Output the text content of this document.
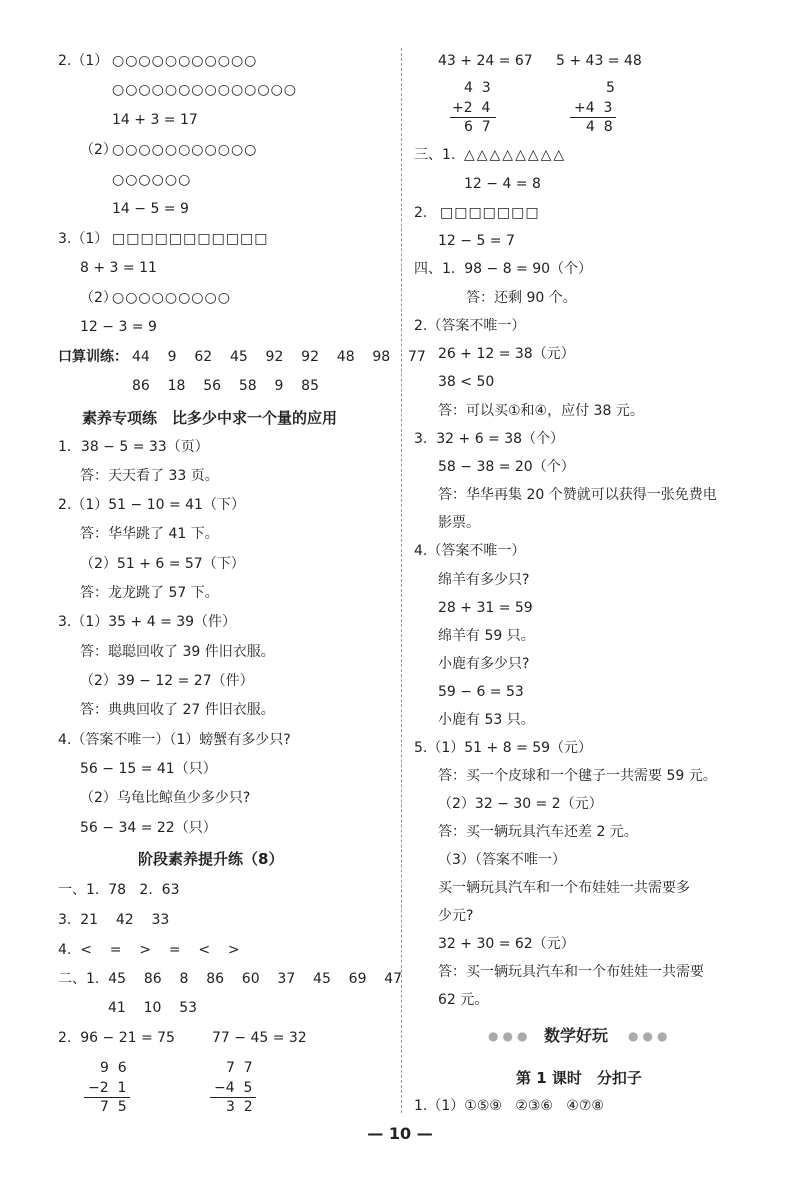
2.（1） ○○○○○○○○○○○
○○○○○○○○○○○○○○
14 + 3 = 17
（2）
○○○○○○○○○○○
○○○○○○
14 − 5 = 9
3.（1） □□□□□□□□□□□
8 + 3 = 11
（2）
○○○○○○○○○
12 − 3 = 9
口算训练： 44    9    62    45    92    92    48    98    77
86    18    56    58    9    85
素养专项练　比多少中求一个量的应用
1．38 − 5 = 33（页）
答：天天看了 33 页。
2.（1）51 − 10 = 41（下）
答：华华跳了 41 下。
（2）51 + 6 = 57（下）
答：龙龙跳了 57 下。
3.（1）35 + 4 = 39（件）
答：聪聪回收了 39 件旧衣服。
（2）39 − 12 = 27（件）
答：典典回收了 27 件旧衣服。
4.（答案不唯一）（1）螃蟹有多少只?
56 − 15 = 41（只）
（2）乌龟比鲸鱼少多少只?
56 − 34 = 22（只）
阶段素养提升练（8）
一、1.  78   2.  63
3.  21    42    33
4.  <    =    >    =    <    >
二、1.  45    86    8    86    60    37    45    69    47
41    10    53
2.  96 − 21 = 75	77 − 45 = 32
9  6
−2  1
7  5
7  7
−4  5
3  2
43 + 24 = 67 5 + 43 = 48
4  3
+2  4
6  7
5
+4  3
4  8
三、1. △△△△△△△△
12 − 4 = 8
2. □□□□□□□
12 − 5 = 7
四、1.  98 − 8 = 90（个）
答：还剩 90 个。
2.（答案不唯一）
26 + 12 = 38（元）
38 < 50
答：可以买①和④，应付 38 元。
3.  32 + 6 = 38（个）
58 − 38 = 20（个）
答：华华再集 20 个赞就可以获得一张免费电
影票。
4.（答案不唯一）
绵羊有多少只?
28 + 31 = 59
绵羊有 59 只。
小鹿有多少只?
59 − 6 = 53
小鹿有 53 只。
5.（1）51 + 8 = 59（元）
答：买一个皮球和一个毽子一共需要 59 元。
（2）32 − 30 = 2（元）
答：买一辆玩具汽车还差 2 元。
（3）（答案不唯一）
买一辆玩具汽车和一个布娃娃一共需要多
少元?
32 + 30 = 62（元）
答：买一辆玩具汽车和一个布娃娃一共需要
62 元。
●●● 数学好玩 ●●●
第 1 课时　分扣子
1.（1）①⑤⑨   ②③⑥   ④⑦⑧
— 10 —
